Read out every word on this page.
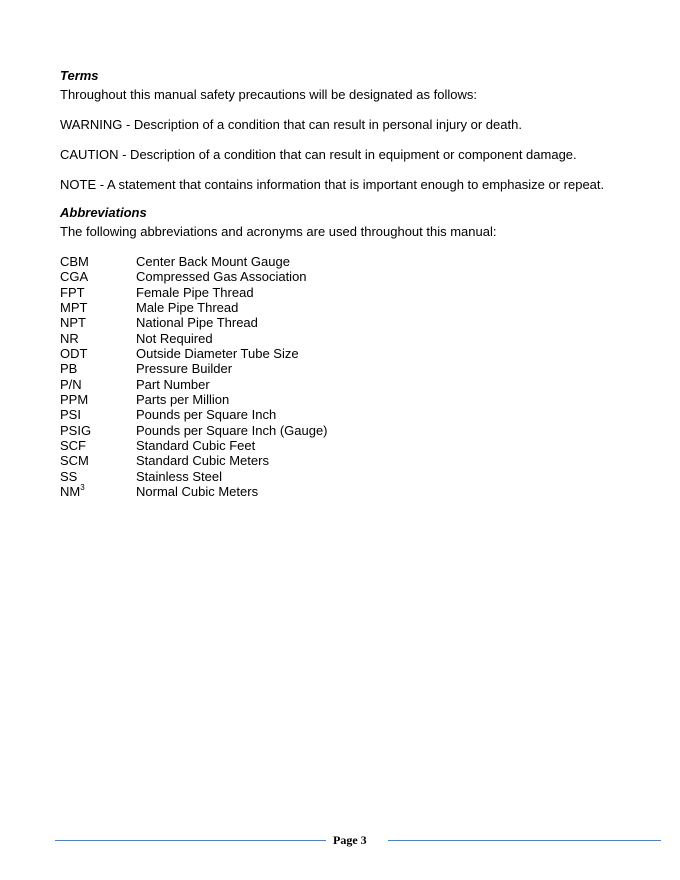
Terms

Throughout this manual safety precautions will be designated as follows:

WARNING - Description of a condition that can result in personal injury or death.

CAUTION - Description of a condition that can result in equipment or component damage.

NOTE - A statement that contains information that is important enough to emphasize or repeat.

Abbreviations

The following abbreviations and acronyms are used throughout this manual:

CBM	Center Back Mount Gauge
CGA	Compressed Gas Association
FPT	Female Pipe Thread
MPT	Male Pipe Thread
NPT	National Pipe Thread
NR	Not Required
ODT	Outside Diameter Tube Size
PB	Pressure Builder
P/N	Part Number
PPM	Parts per Million
PSI	Pounds per Square Inch
PSIG	Pounds per Square Inch (Gauge)
SCF	Standard Cubic Feet
SCM	Standard Cubic Meters
SS	Stainless Steel
$NM^3$	Normal Cubic Meters
Page 3
